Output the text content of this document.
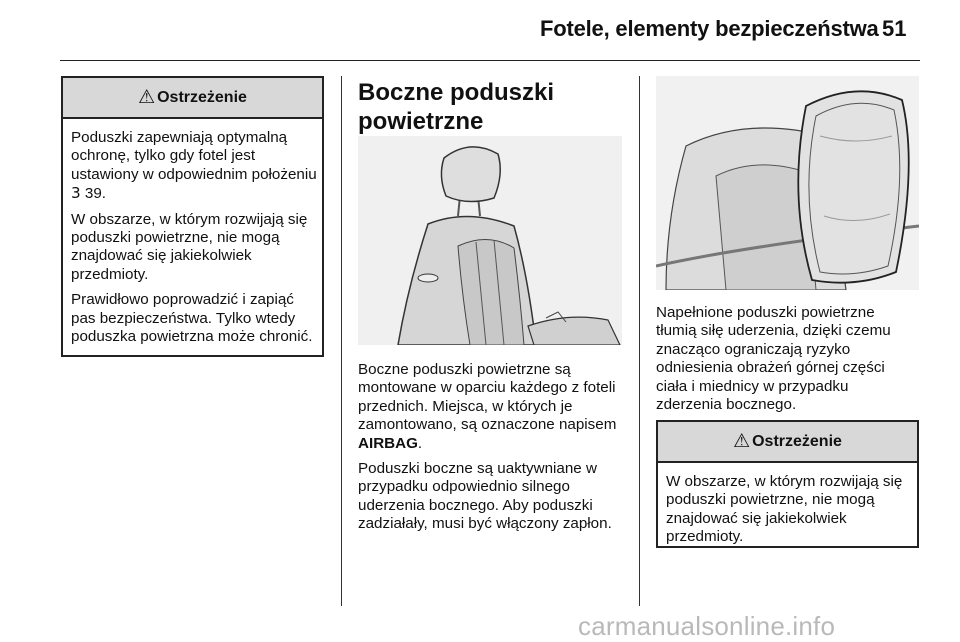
Fotele, elementy bezpieczeństwa 51
⚠ Ostrzeżenie

Poduszki zapewniają optymalną ochronę, tylko gdy fotel jest ustawiony w odpowiednim położeniu 3 39.

W obszarze, w którym rozwijają się poduszki powietrzne, nie mogą znajdować się jakiekolwiek przedmioty.

Prawidłowo poprowadzić i zapiąć pas bezpieczeństwa. Tylko wtedy poduszka powietrzna może chronić.

Boczne poduszki powietrzne

Boczne poduszki powietrzne są montowane w oparciu każdego z foteli przednich. Miejsca, w których je zamontowano, są oznaczone napisem AIRBAG.

Poduszki boczne są uaktywniane w przypadku odpowiednio silnego uderzenia bocznego. Aby poduszki zadziałały, musi być włączony zapłon.

Napełnione poduszki powietrzne tłumią siłę uderzenia, dzięki czemu znacząco ograniczają ryzyko odniesienia obrażeń górnej części ciała i miednicy w przypadku zderzenia bocznego.

⚠ Ostrzeżenie

W obszarze, w którym rozwijają się poduszki powietrzne, nie mogą znajdować się jakiekolwiek przedmioty.

carmanualsonline.info
